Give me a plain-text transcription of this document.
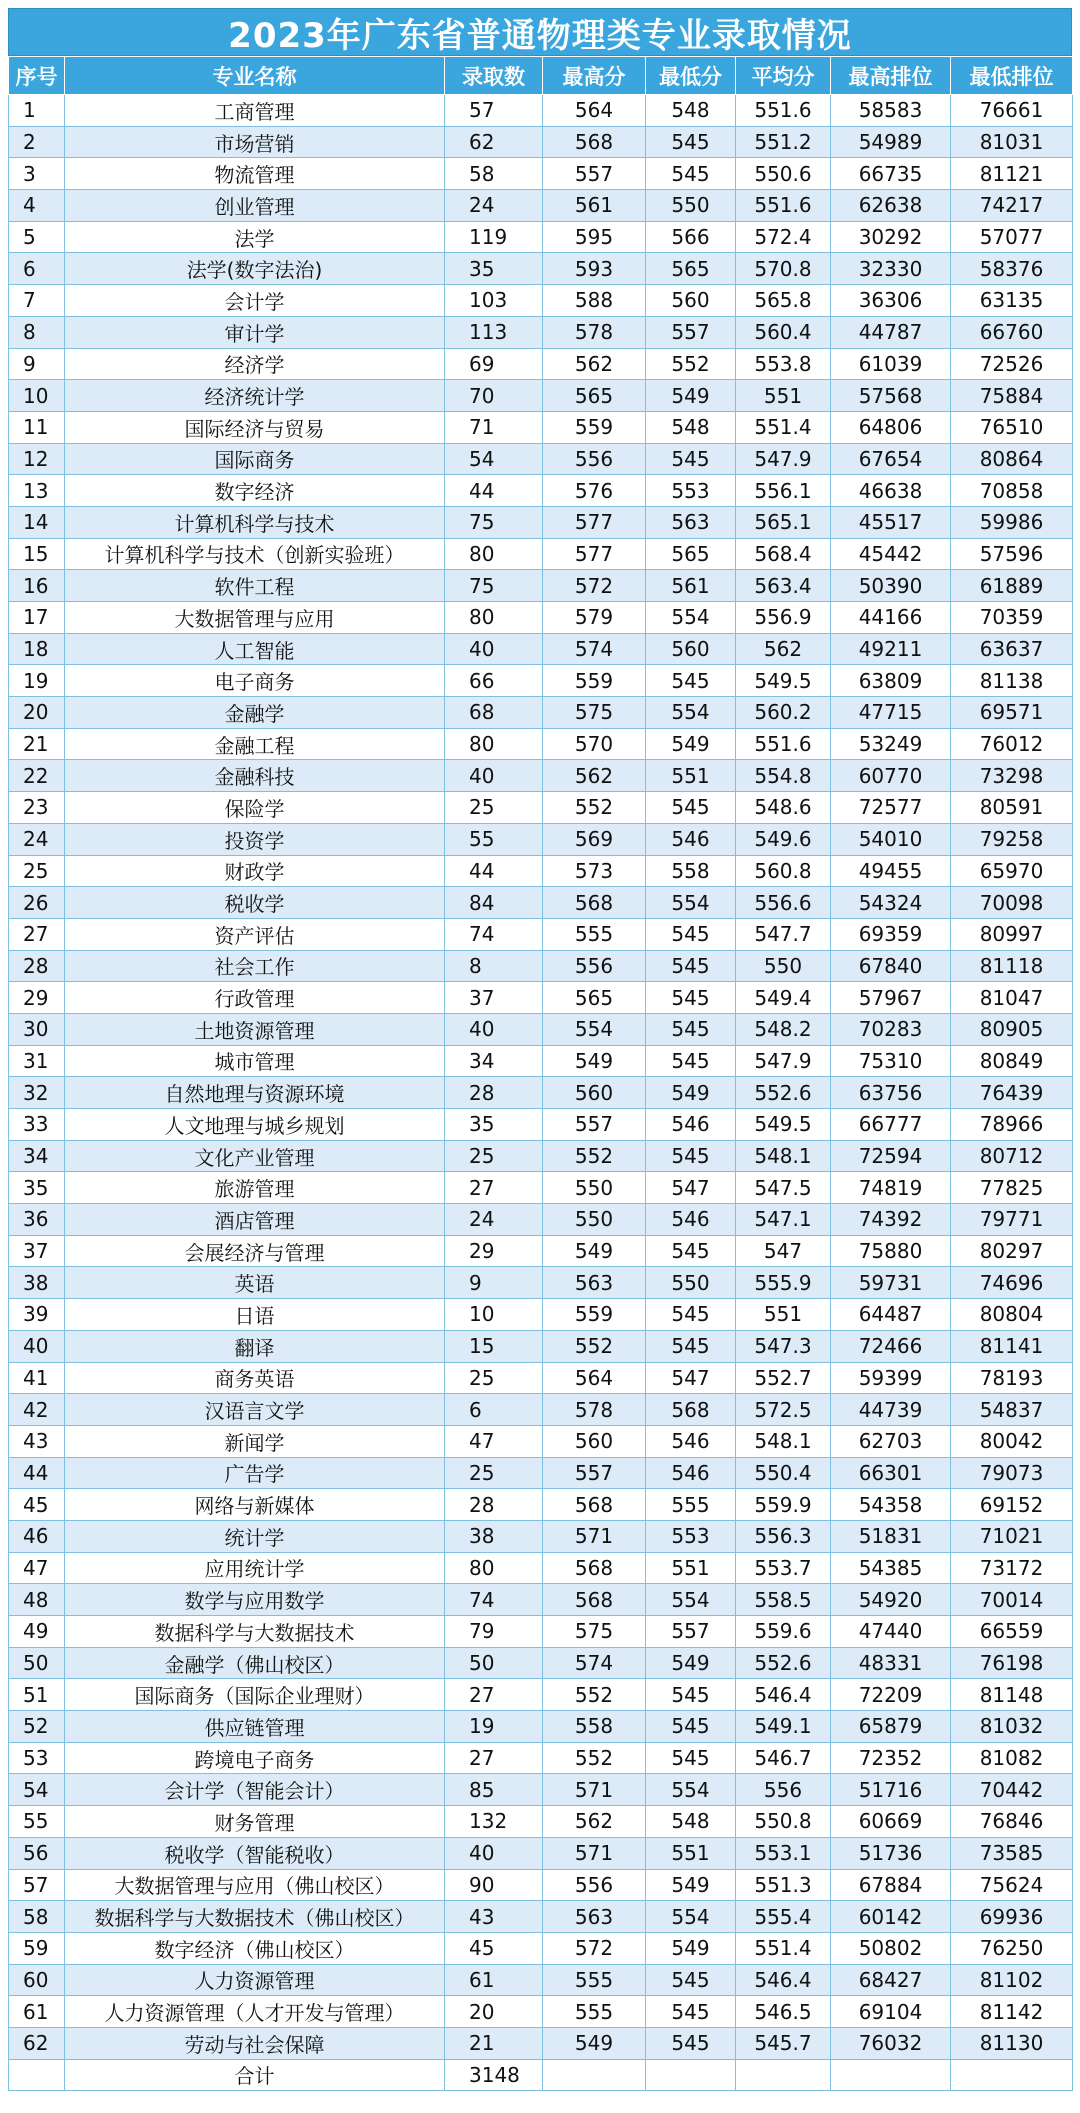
2023年广东省普通物理类专业录取情况
序号	专业名称	录取数	最高分	最低分	平均分	最高排位	最低排位
1	工商管理	57	564	548	551.6	58583	76661
2	市场营销	62	568	545	551.2	54989	81031
3	物流管理	58	557	545	550.6	66735	81121
4	创业管理	24	561	550	551.6	62638	74217
5	法学	119	595	566	572.4	30292	57077
6	法学(数字法治)	35	593	565	570.8	32330	58376
7	会计学	103	588	560	565.8	36306	63135
8	审计学	113	578	557	560.4	44787	66760
9	经济学	69	562	552	553.8	61039	72526
10	经济统计学	70	565	549	551	57568	75884
11	国际经济与贸易	71	559	548	551.4	64806	76510
12	国际商务	54	556	545	547.9	67654	80864
13	数字经济	44	576	553	556.1	46638	70858
14	计算机科学与技术	75	577	563	565.1	45517	59986
15	计算机科学与技术（创新实验班）	80	577	565	568.4	45442	57596
16	软件工程	75	572	561	563.4	50390	61889
17	大数据管理与应用	80	579	554	556.9	44166	70359
18	人工智能	40	574	560	562	49211	63637
19	电子商务	66	559	545	549.5	63809	81138
20	金融学	68	575	554	560.2	47715	69571
21	金融工程	80	570	549	551.6	53249	76012
22	金融科技	40	562	551	554.8	60770	73298
23	保险学	25	552	545	548.6	72577	80591
24	投资学	55	569	546	549.6	54010	79258
25	财政学	44	573	558	560.8	49455	65970
26	税收学	84	568	554	556.6	54324	70098
27	资产评估	74	555	545	547.7	69359	80997
28	社会工作	8	556	545	550	67840	81118
29	行政管理	37	565	545	549.4	57967	81047
30	土地资源管理	40	554	545	548.2	70283	80905
31	城市管理	34	549	545	547.9	75310	80849
32	自然地理与资源环境	28	560	549	552.6	63756	76439
33	人文地理与城乡规划	35	557	546	549.5	66777	78966
34	文化产业管理	25	552	545	548.1	72594	80712
35	旅游管理	27	550	547	547.5	74819	77825
36	酒店管理	24	550	546	547.1	74392	79771
37	会展经济与管理	29	549	545	547	75880	80297
38	英语	9	563	550	555.9	59731	74696
39	日语	10	559	545	551	64487	80804
40	翻译	15	552	545	547.3	72466	81141
41	商务英语	25	564	547	552.7	59399	78193
42	汉语言文学	6	578	568	572.5	44739	54837
43	新闻学	47	560	546	548.1	62703	80042
44	广告学	25	557	546	550.4	66301	79073
45	网络与新媒体	28	568	555	559.9	54358	69152
46	统计学	38	571	553	556.3	51831	71021
47	应用统计学	80	568	551	553.7	54385	73172
48	数学与应用数学	74	568	554	558.5	54920	70014
49	数据科学与大数据技术	79	575	557	559.6	47440	66559
50	金融学（佛山校区）	50	574	549	552.6	48331	76198
51	国际商务（国际企业理财）	27	552	545	546.4	72209	81148
52	供应链管理	19	558	545	549.1	65879	81032
53	跨境电子商务	27	552	545	546.7	72352	81082
54	会计学（智能会计）	85	571	554	556	51716	70442
55	财务管理	132	562	548	550.8	60669	76846
56	税收学（智能税收）	40	571	551	553.1	51736	73585
57	大数据管理与应用（佛山校区）	90	556	549	551.3	67884	75624
58	数据科学与大数据技术（佛山校区）	43	563	554	555.4	60142	69936
59	数字经济（佛山校区）	45	572	549	551.4	50802	76250
60	人力资源管理	61	555	545	546.4	68427	81102
61	人力资源管理（人才开发与管理）	20	555	545	546.5	69104	81142
62	劳动与社会保障	21	549	545	545.7	76032	81130
	合计	3148					
